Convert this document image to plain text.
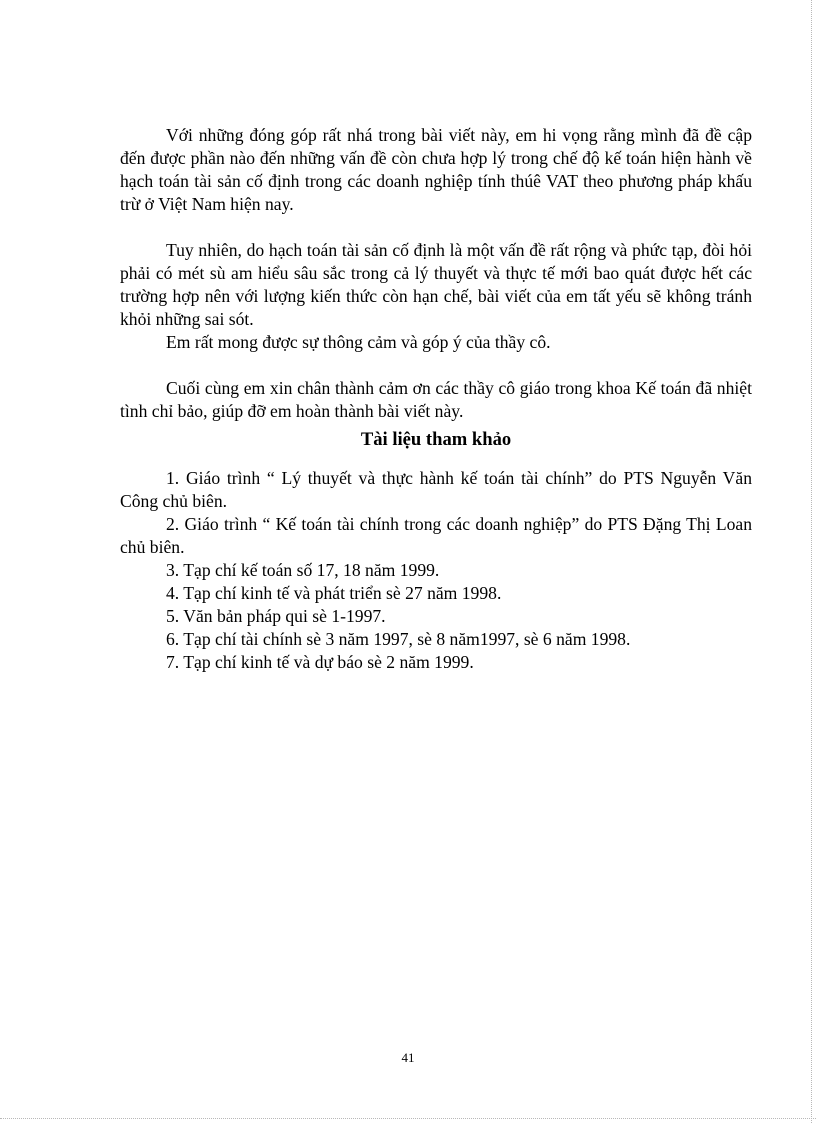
Với những đóng góp rất nhá trong bài viết này, em hi vọng rằng mình đã đề cập đến được phần nào đến những vấn đề còn chưa hợp lý trong chế độ kế toán hiện hành về hạch toán tài sản cố định trong các doanh nghiệp tính thúê VAT theo phương pháp khấu trừ ở Việt Nam hiện nay.

Tuy nhiên, do hạch toán tài sản cố định là một vấn đề rất rộng và phức tạp, đòi hỏi phải có mét sù am hiểu sâu sắc trong cả lý thuyết và thực tế mới bao quát được hết các trường hợp nên với lượng kiến thức còn hạn chế, bài viết của em tất yếu sẽ không tránh khỏi những sai sót.

Em rất mong được sự thông cảm và góp ý của thầy cô.

Cuối cùng em xin chân thành cảm ơn các thầy cô giáo trong khoa Kế toán đã nhiệt tình chỉ bảo, giúp đỡ em hoàn thành bài viết này.

Tài liệu tham khảo

1. Giáo trình “ Lý thuyết và thực hành kế toán tài chính” do PTS Nguyễn Văn Công chủ biên.

2. Giáo trình “ Kế toán tài chính trong các doanh nghiệp” do PTS Đặng Thị Loan chủ biên.

3. Tạp chí kế toán số 17, 18 năm 1999.

4. Tạp chí kinh tế và phát triển sè 27 năm 1998.

5. Văn bản pháp qui sè 1-1997.

6. Tạp chí tài chính sè 3 năm 1997, sè 8 năm1997, sè 6 năm 1998.

7. Tạp chí kinh tế và dự báo sè 2 năm 1999.

41
